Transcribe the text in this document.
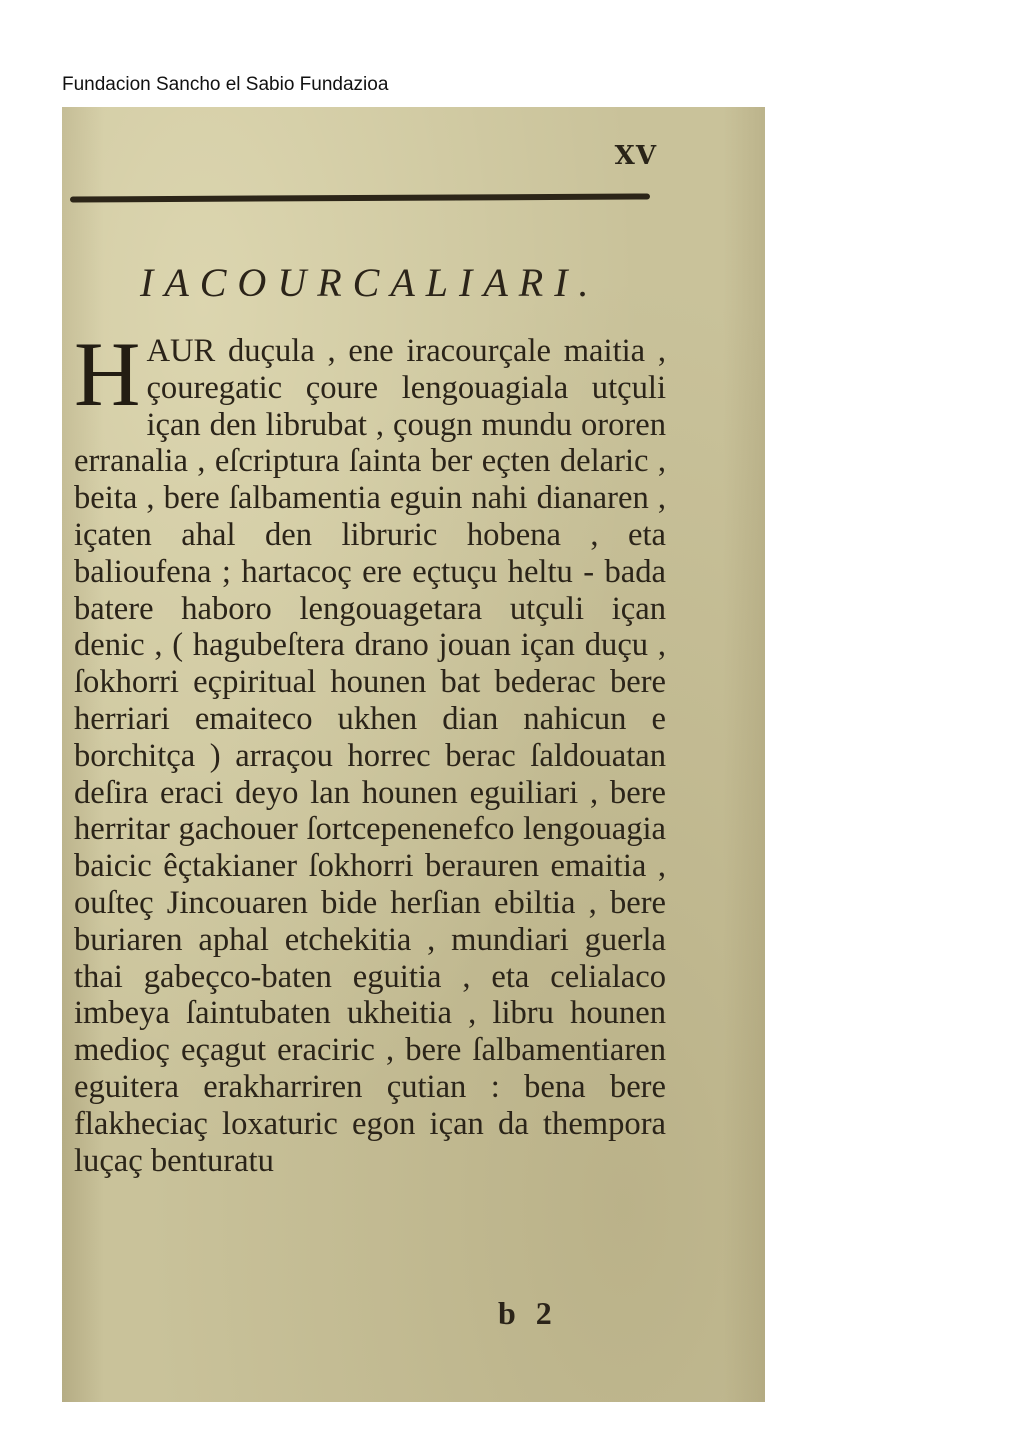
Fundacion Sancho el Sabio Fundazioa
XV
IACOURCALIARI.
HAUR duçula , ene iracourçale maitia , çouregatic çoure lengouagiala utçuli içan den librubat , çougn mundu ororen erranalia , eſcriptura ſainta ber eçten delaric , beita , bere ſalbamentia eguin nahi dianaren , içaten ahal den libruric hobena , eta balioufena ; hartacoç ere eçtuçu heltu - bada batere haboro lengouagetara utçuli içan denic , ( hagubeſtera drano jouan içan duçu , ſokhorri eçpiritual hounen bat bederac bere herriari emaiteco ukhen dian nahicun e borchitça ) arraçou horrec berac ſaldouatan deſira eraci deyo lan hounen eguiliari , bere herritar gachouer ſortcepenenefco lengouagia baicic êçtakianer ſokhorri berauren emaitia , ouſteç Jincouaren bide herſian ebiltia , bere buriaren aphal etchekitia , mundiari guerla thai gabeçco-baten eguitia , eta celialaco imbeya ſaintubaten ukheitia , libru hounen medioç eçagut eraciric , bere ſalbamentiaren eguitera erakharriren çutian : bena bere flakheciaç loxaturic egon içan da thempora luçaç benturatu
b 2
